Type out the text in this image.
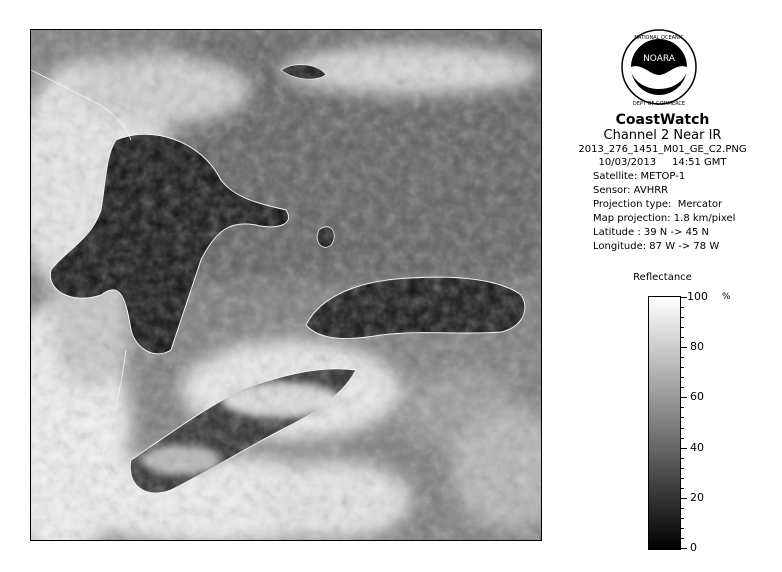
NATIONAL OCEANIC
DEPT OF COMMERCE
NOARA
CoastWatch
Channel 2 Near IR
2013_276_1451_M01_GE_C2.PNG
10/03/2013     14:51 GMT
Satellite: METOP-1
Sensor: AVHRR
Projection type:  Mercator
Map projection: 1.8 km/pixel
Latitude : 39 N -> 45 N
Longitude: 87 W -> 78 W
Reflectance
%
0
20
40
60
80
100
